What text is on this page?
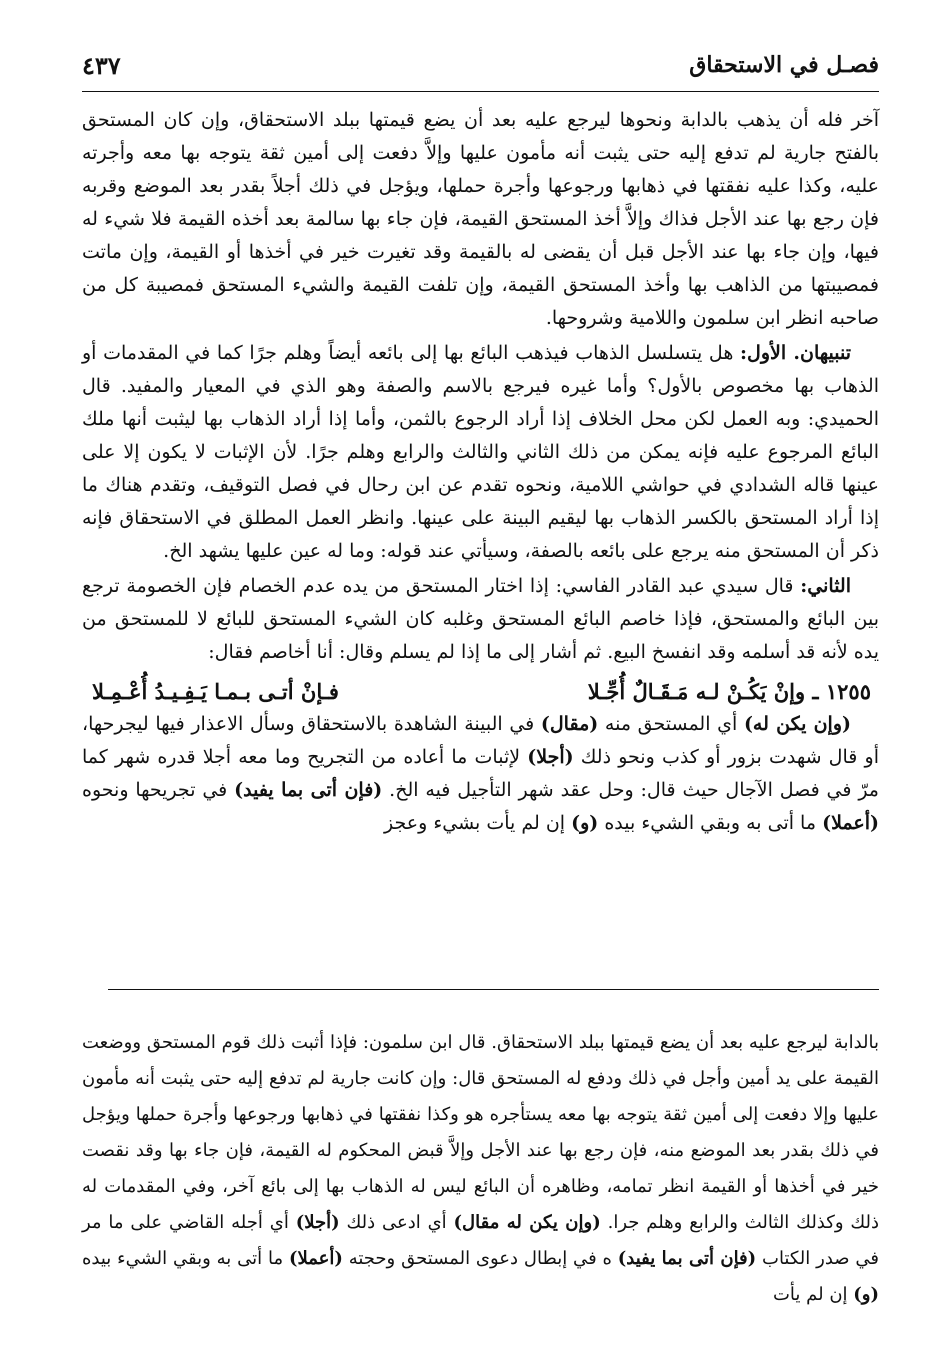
فصـل في الاستحقاق
٤٣٧

آخر فله أن يذهب بالدابة ونحوها ليرجع عليه بعد أن يضع قيمتها ببلد الاستحقاق، وإن كان المستحق بالفتح جارية لم تدفع إليه حتى يثبت أنه مأمون عليها وإلاَّ دفعت إلى أمين ثقة يتوجه بها معه وأجرته عليه، وكذا عليه نفقتها في ذهابها ورجوعها وأجرة حملها، ويؤجل في ذلك أجلاً بقدر بعد الموضع وقربه فإن رجع بها عند الأجل فذاك وإلاَّ أخذ المستحق القيمة، فإن جاء بها سالمة بعد أخذه القيمة فلا شيء له فيها، وإن جاء بها عند الأجل قبل أن يقضى له بالقيمة وقد تغيرت خير في أخذها أو القيمة، وإن ماتت فمصيبتها من الذاهب بها وأخذ المستحق القيمة، وإن تلفت القيمة والشيء المستحق فمصيبة كل من صاحبه انظر ابن سلمون واللامية وشروحها.

تنبيهان. الأول: هل يتسلسل الذهاب فيذهب البائع بها إلى بائعه أيضاً وهلم جرًا كما في المقدمات أو الذهاب بها مخصوص بالأول؟ وأما غيره فيرجع بالاسم والصفة وهو الذي في المعيار والمفيد. قال الحميدي: وبه العمل لكن محل الخلاف إذا أراد الرجوع بالثمن، وأما إذا أراد الذهاب بها ليثبت أنها ملك البائع المرجوع عليه فإنه يمكن من ذلك الثاني والثالث والرابع وهلم جرًا. لأن الإثبات لا يكون إلا على عينها قاله الشدادي في حواشي اللامية، ونحوه تقدم عن ابن رحال في فصل التوقيف، وتقدم هناك ما إذا أراد المستحق بالكسر الذهاب بها ليقيم البينة على عينها. وانظر العمل المطلق في الاستحقاق فإنه ذكر أن المستحق منه يرجع على بائعه بالصفة، وسيأتي عند قوله: وما له عين عليها يشهد الخ.

الثاني: قال سيدي عبد القادر الفاسي: إذا اختار المستحق من يده عدم الخصام فإن الخصومة ترجع بين البائع والمستحق، فإذا خاصم البائع المستحق وغلبه كان الشيء المستحق للبائع لا للمستحق من يده لأنه قد أسلمه وقد انفسخ البيع. ثم أشار إلى ما إذا لم يسلم وقال: أنا أخاصم فقال:

١٢٥٥ ـ وإنْ يَكُـنْ لـه مَـقَـالٌ أُجِّـلا
فـإنْ أتـى بـمـا يَـفِـيـدُ أُعْـمِـلا

(وإن يكن له) أي المستحق منه (مقال) في البينة الشاهدة بالاستحقاق وسأل الاعذار فيها ليجرحها، أو قال شهدت بزور أو كذب ونحو ذلك (أجلا) لإثبات ما أعاده من التجريح وما معه أجلا قدره شهر كما مرّ في فصل الآجال حيث قال: وحل عقد شهر التأجيل فيه الخ. (فإن أتى بما يفيد) في تجريحها ونحوه (أعملا) ما أتى به وبقي الشيء بيده (و) إن لم يأت بشيء وعجز

بالدابة ليرجع عليه بعد أن يضع قيمتها ببلد الاستحقاق. قال ابن سلمون: فإذا أثبت ذلك قوم المستحق ووضعت القيمة على يد أمين وأجل في ذلك ودفع له المستحق قال: وإن كانت جارية لم تدفع إليه حتى يثبت أنه مأمون عليها وإلا دفعت إلى أمين ثقة يتوجه بها معه يستأجره هو وكذا نفقتها في ذهابها ورجوعها وأجرة حملها ويؤجل في ذلك بقدر بعد الموضع منه، فإن رجع بها عند الأجل وإلاَّ قبض المحكوم له القيمة، فإن جاء بها وقد نقصت خير في أخذها أو القيمة انظر تمامه، وظاهره أن البائع ليس له الذهاب بها إلى بائع آخر، وفي المقدمات له ذلك وكذلك الثالث والرابع وهلم جرا. (وإن يكن له مقال) أي ادعى ذلك (أجلا) أي أجله القاضي على ما مر في صدر الكتاب (فإن أتى بما يفيد) ه في إبطال دعوى المستحق وحجته (أعملا) ما أتى به وبقي الشيء بيده (و) إن لم يأت
